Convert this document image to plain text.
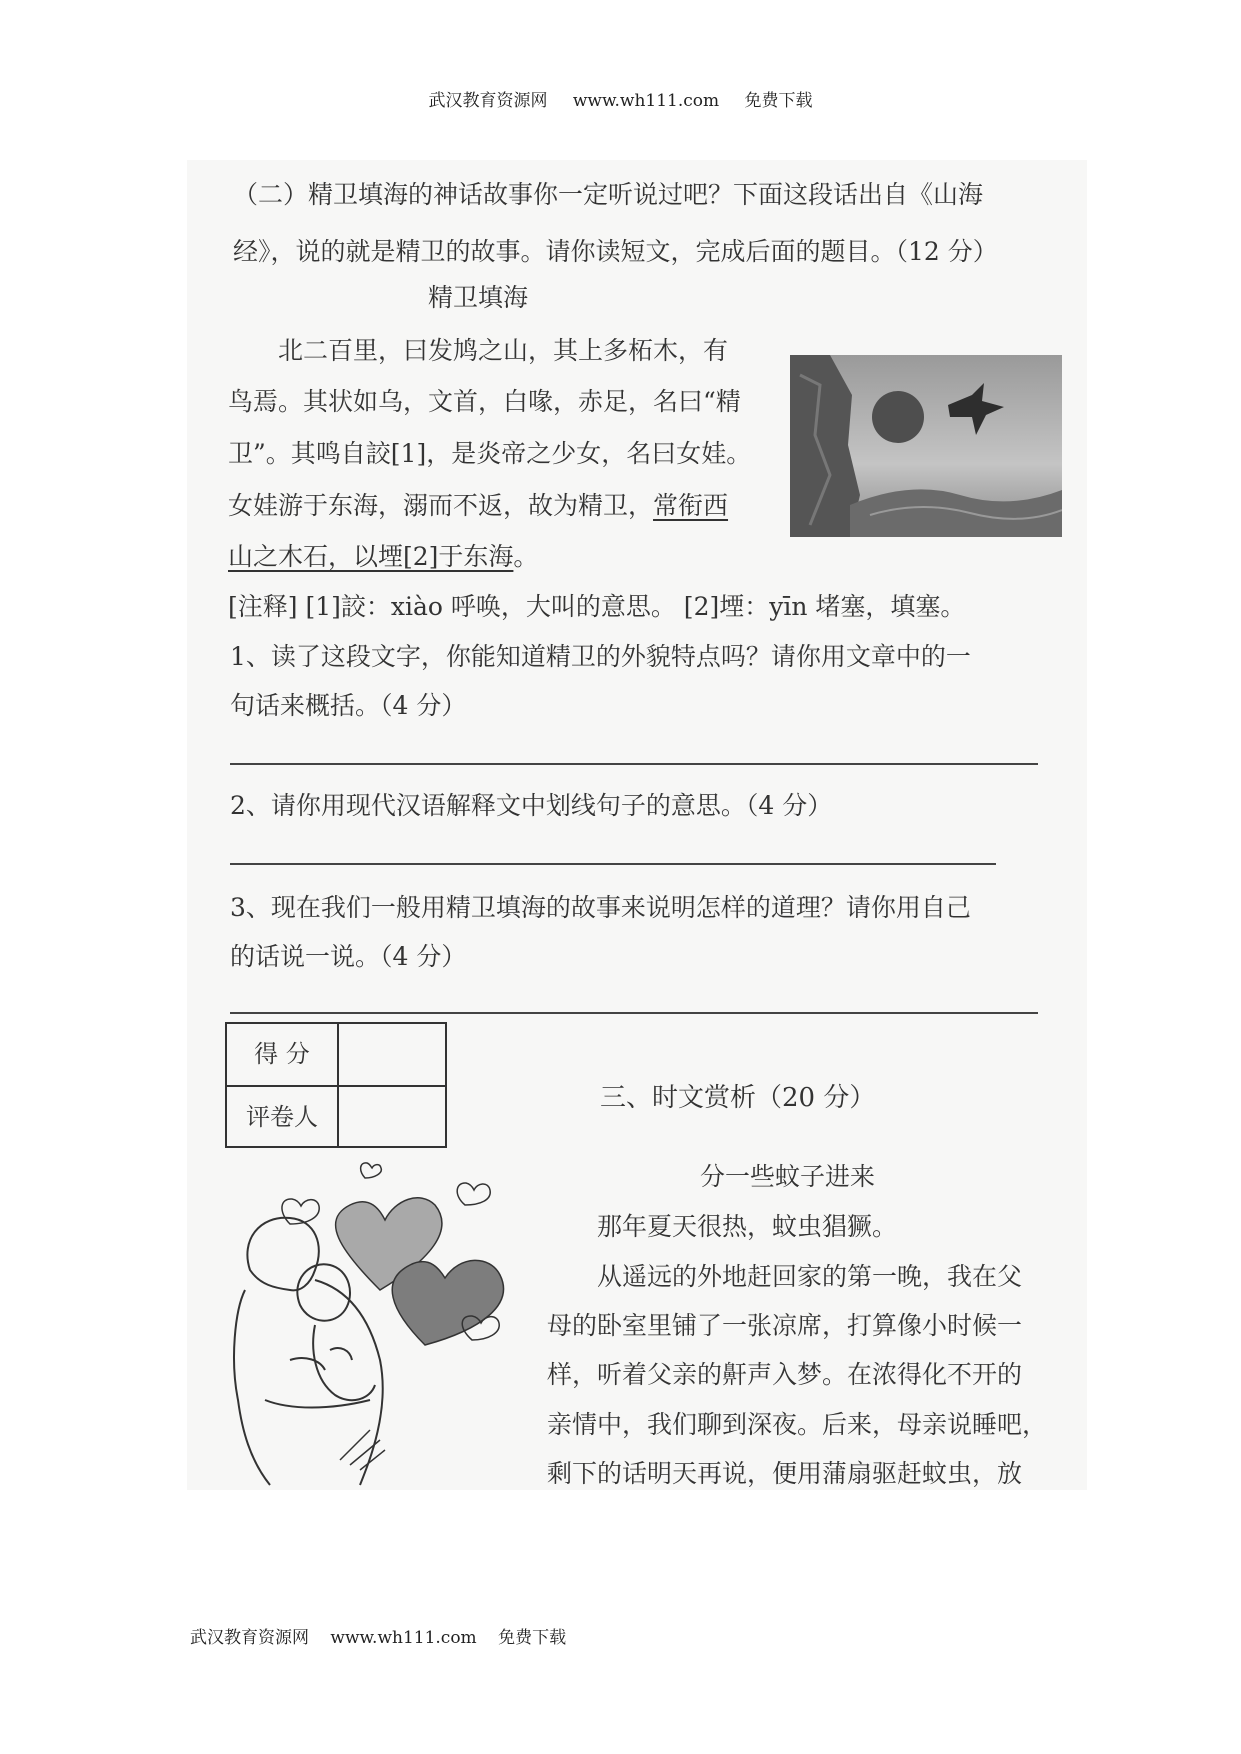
武汉教育资源网 www.wh111.com 免费下载
（二）精卫填海的神话故事你一定听说过吧？下面这段话出自《山海
经》，说的就是精卫的故事。请你读短文，完成后面的题目。（12 分）
精卫填海
北二百里，曰发鸠之山，其上多柘木，有
鸟焉。其状如乌，文首，白喙，赤足，名曰“精
卫”。其鸣自詨[1]，是炎帝之少女，名曰女娃。
女娃游于东海，溺而不返，故为精卫，常衔西
山之木石，以堙[2]于东海。
[注释] [1]詨：xiào 呼唤，大叫的意思。 [2]堙：yīn 堵塞，填塞。
1、读了这段文字，你能知道精卫的外貌特点吗？请你用文章中的一
句话来概括。（4 分）
2、请你用现代汉语解释文中划线句子的意思。（4 分）
3、现在我们一般用精卫填海的故事来说明怎样的道理？请你用自己
的话说一说。（4 分）
得 分
评卷人
三、时文赏析（20 分）
分一些蚊子进来
那年夏天很热，蚊虫猖獗。
从遥远的外地赶回家的第一晚，我在父
母的卧室里铺了一张凉席，打算像小时候一
样，听着父亲的鼾声入梦。在浓得化不开的
亲情中，我们聊到深夜。后来，母亲说睡吧，
剩下的话明天再说，便用蒲扇驱赶蚊虫，放
武汉教育资源网 www.wh111.com 免费下载
